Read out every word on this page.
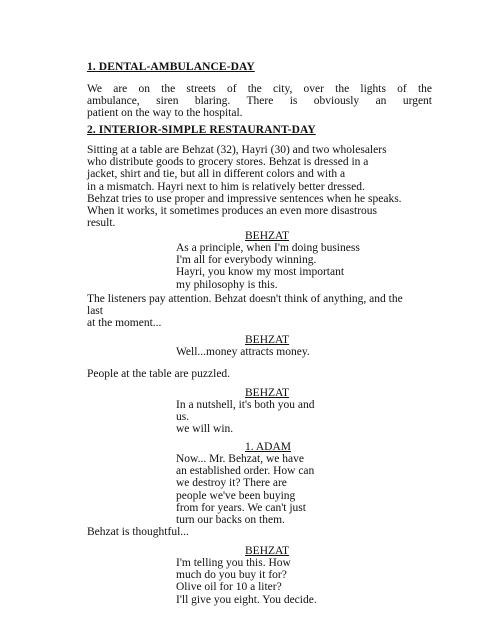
1. DENTAL-AMBULANCE-DAY
We are on the streets of the city, over the lights of the
ambulance, siren blaring. There is obviously an urgent
patient on the way to the hospital.
2. INTERIOR-SIMPLE RESTAURANT-DAY
Sitting at a table are Behzat (32), Hayri (30) and two wholesalers
who distribute goods to grocery stores. Behzat is dressed in a
jacket, shirt and tie, but all in different colors and with a
in a mismatch. Hayri next to him is relatively better dressed.
Behzat tries to use proper and impressive sentences when he speaks.
When it works, it sometimes produces an even more disastrous
result.
BEHZAT
As a principle, when I'm doing business
I'm all for everybody winning.
Hayri, you know my most important
my philosophy is this.
The listeners pay attention. Behzat doesn't think of anything, and the
last
at the moment...
BEHZAT
Well...money attracts money.
People at the table are puzzled.
BEHZAT
In a nutshell, it's both you and
us.
we will win.
1. ADAM
Now... Mr. Behzat, we have
an established order. How can
we destroy it? There are
people we've been buying
from for years. We can't just
turn our backs on them.
Behzat is thoughtful...
BEHZAT
I'm telling you this. How
much do you buy it for?
Olive oil for 10 a liter?
I'll give you eight. You decide.
